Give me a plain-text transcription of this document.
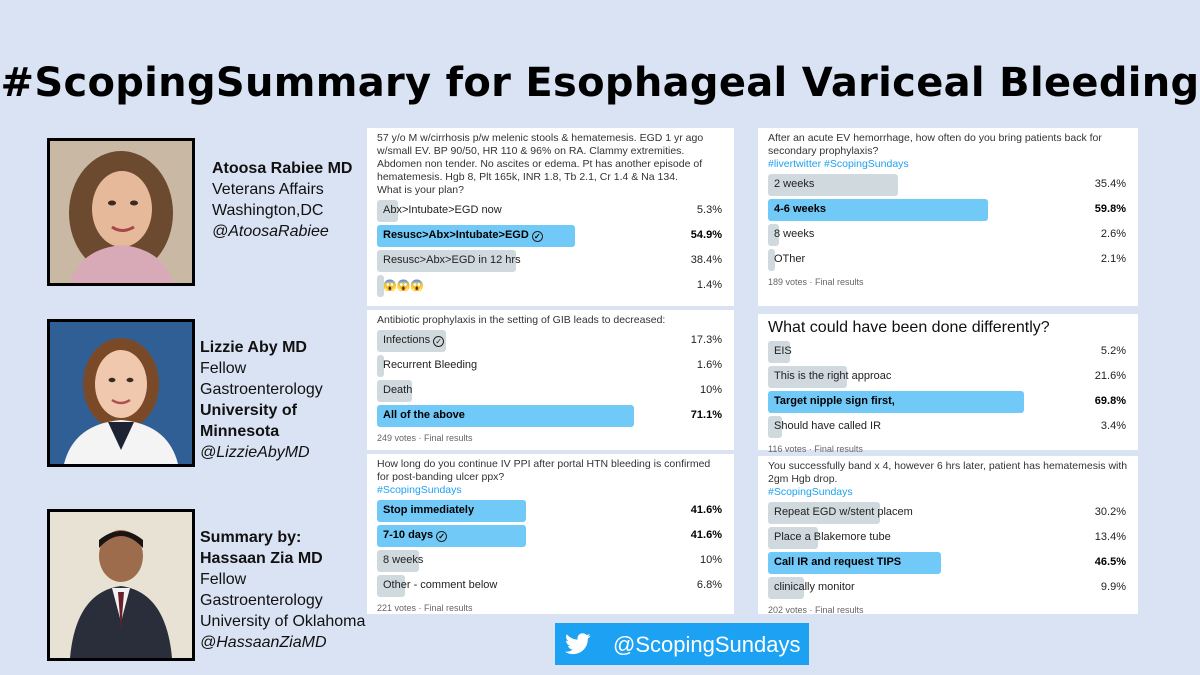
#ScopingSummary for Esophageal Variceal Bleeding
Atoosa Rabiee MD
Veterans Affairs
Washington,DC
@AtoosaRabiee
Lizzie Aby MD
Fellow
Gastroenterology
University of
Minnesota
@LizzieAbyMD
Summary by:
Hassaan Zia MD
Fellow
Gastroenterology
University of Oklahoma
@HassaanZiaMD
57 y/o M w/cirrhosis p/w melenic stools & hematemesis. EGD 1 yr ago w/small EV. BP 90/50, HR 110 & 96% on RA. Clammy extremities. Abdomen non tender. No ascites or edema. Pt has another episode of hematemesis. Hgb 8, Plt 165k, INR 1.8, Tb 2.1, Cr 1.4 & Na 134.
What is your plan?
Abx>Intubate>EGD now	5.3%
Resusc>Abx>Intubate>EGD ✓	54.9%
Resusc>Abx>EGD in 12 hrs	38.4%
😱😱😱	1.4%
Antibiotic prophylaxis in the setting of GIB leads to decreased:
Infections ✓	17.3%
Recurrent Bleeding	1.6%
Death	10%
All of the above	71.1%
249 votes · Final results
How long do you continue IV PPI after portal HTN bleeding is confirmed for post-banding ulcer ppx?
#ScopingSundays
Stop immediately	41.6%
7-10 days ✓	41.6%
8 weeks	10%
Other - comment below	6.8%
221 votes · Final results
After an acute EV hemorrhage, how often do you bring patients back for secondary prophylaxis?
#livertwitter #ScopingSundays
2 weeks	35.4%
4-6 weeks	59.8%
8 weeks	2.6%
OTher	2.1%
189 votes · Final results
What could have been done differently?
EIS	5.2%
This is the right approac	21.6%
Target nipple sign first,	69.8%
Should have called IR	3.4%
116 votes · Final results
You successfully band x 4, however 6 hrs later, patient has hematemesis with 2gm Hgb drop.
#ScopingSundays
Repeat EGD w/stent placem	30.2%
Place a Blakemore tube	13.4%
Call IR and request TIPS	46.5%
clinically monitor	9.9%
202 votes · Final results
@ScopingSundays
